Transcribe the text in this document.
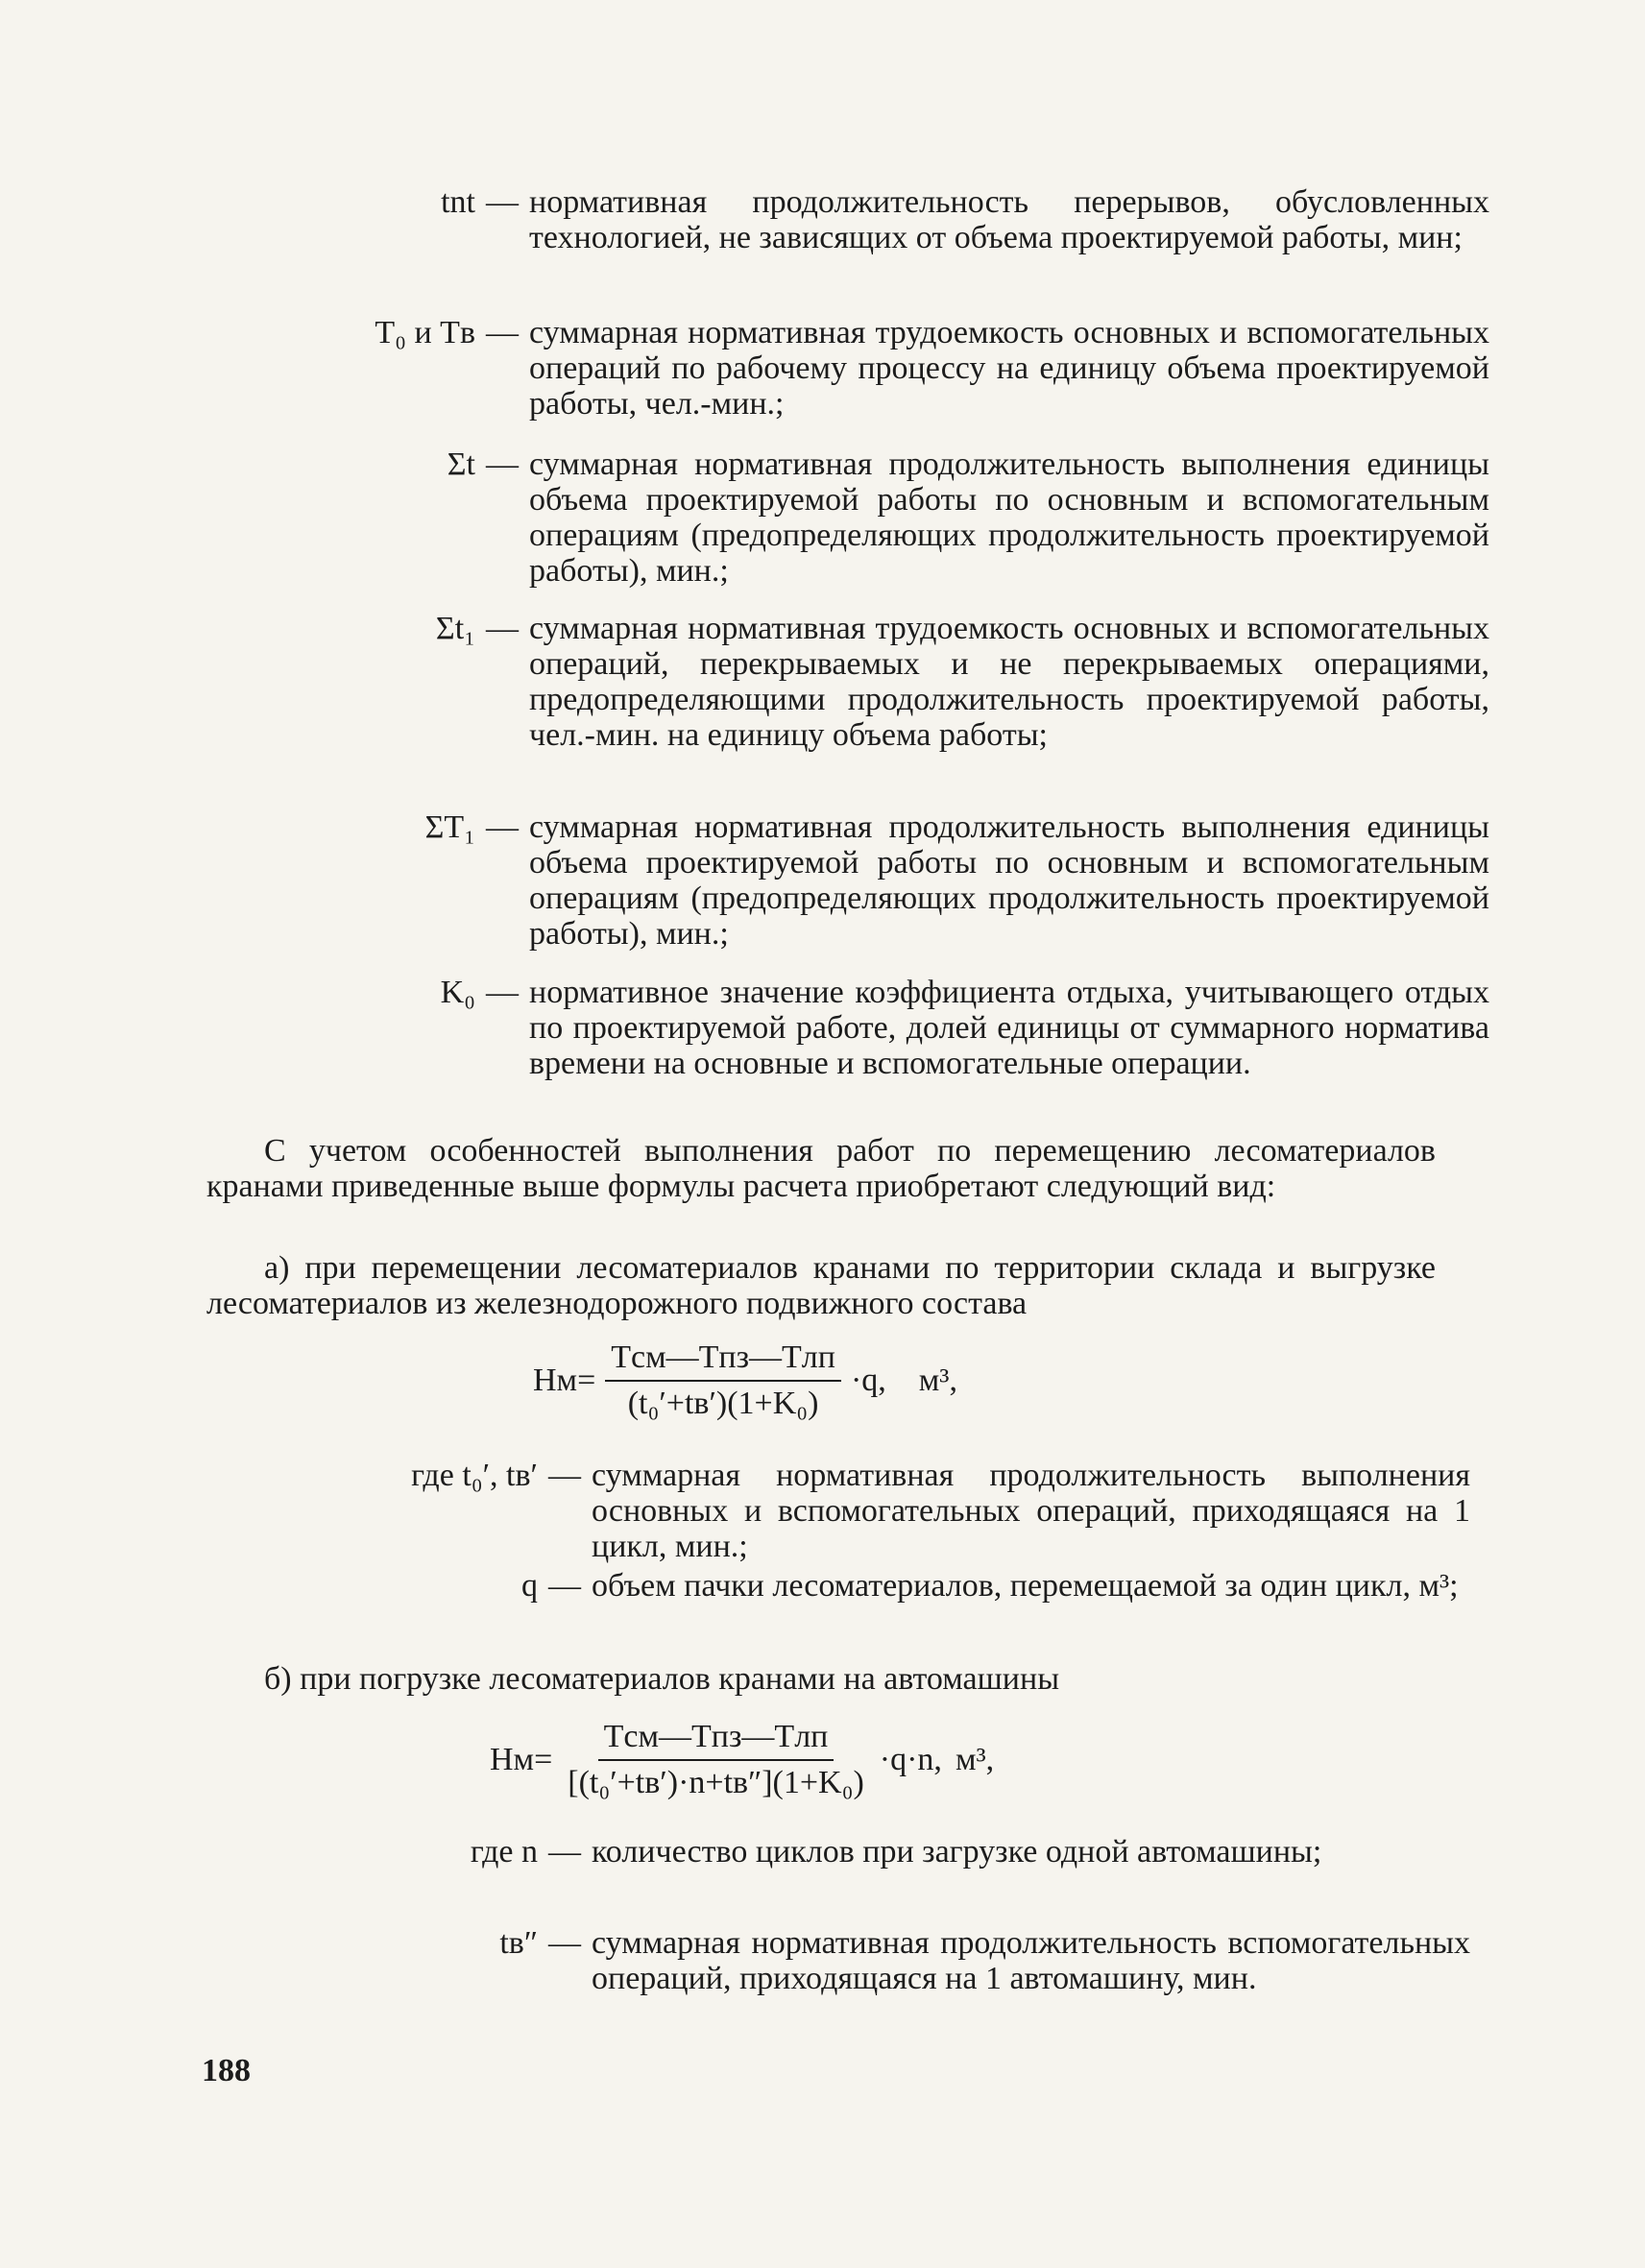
tnt — нормативная продолжительность перерывов, обусловленных технологией, не зависящих от объема проектируемой работы, мин;
T₀ и Tв — суммарная нормативная трудоемкость основных и вспомогательных операций по рабочему процессу на единицу объема проектируемой работы, чел.-мин.;
Σt — суммарная нормативная продолжительность выполнения единицы объема проектируемой работы по основным и вспомогательным операциям (предопределяющих продолжительность проектируемой работы), мин.;
Σt₁ — суммарная нормативная трудоемкость основных и вспомогательных операций, перекрываемых и не перекрываемых операциями, предопределяющими продолжительность проектируемой работы, чел.-мин. на единицу объема работы;
ΣT₁ — суммарная нормативная продолжительность выполнения единицы объема проектируемой работы по основным и вспомогательным операциям (предопределяющих продолжительность проектируемой работы), мин.;
K₀ — нормативное значение коэффициента отдыха, учитывающего отдых по проектируемой работе, долей единицы от суммарного норматива времени на основные и вспомогательные операции.
С учетом особенностей выполнения работ по перемещению лесоматериалов кранами приведенные выше формулы расчета приобретают следующий вид:
а) при перемещении лесоматериалов кранами по территории склада и выгрузке лесоматериалов из железнодорожного подвижного состава
$Hм= \frac{\text{Tсм—Tпз—Tлп}}{\text{(t₀′+tв′)(1+K₀)}} \cdot q$, м³,
где t₀′, tв′ — суммарная нормативная продолжительность выполнения основных и вспомогательных операций, приходящаяся на 1 цикл, мин.;
q — объем пачки лесоматериалов, перемещаемой за один цикл, м³;
б) при погрузке лесоматериалов кранами на автомашины
$Hм= \frac{\text{Tсм—Tпз—Tлп}}{\text{[(t₀′+tв′)·n+tв″](1+K₀)}} \cdot q\cdot n$, м³,
где n — количество циклов при загрузке одной автомашины;
tв″ — суммарная нормативная продолжительность вспомогательных операций, приходящаяся на 1 автомашину, мин.
188
